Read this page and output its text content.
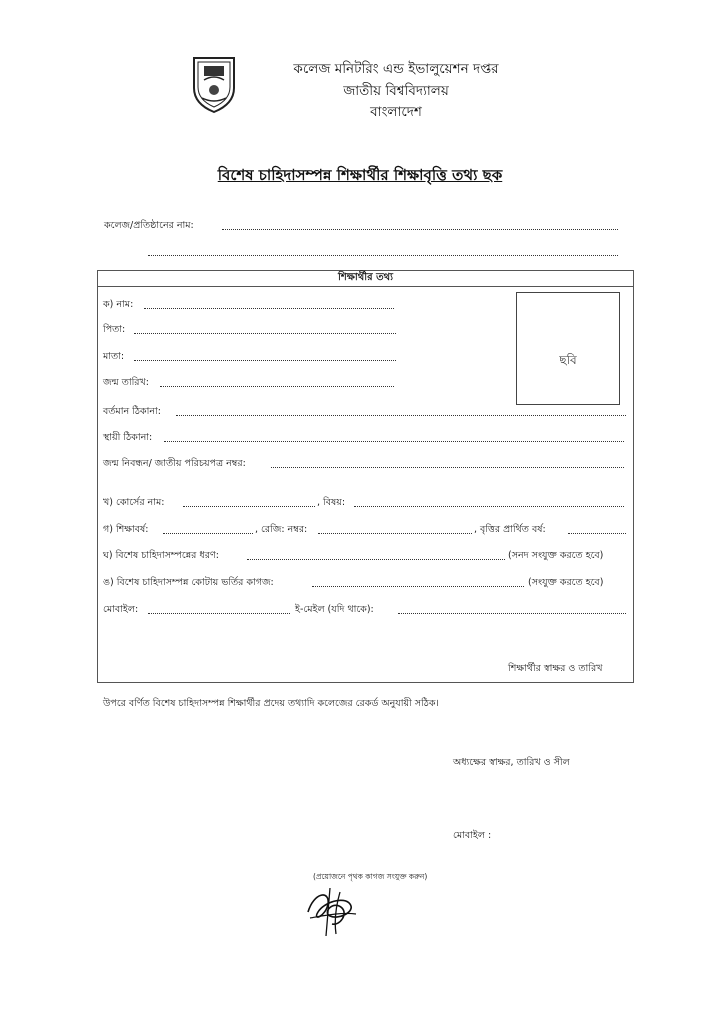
কলেজ মনিটরিং এন্ড ইভালুয়েশন দপ্তর
জাতীয় বিশ্ববিদ্যালয়
বাংলাদেশ
বিশেষ চাহিদাসম্পন্ন শিক্ষার্থীর শিক্ষাবৃত্তি তথ্য ছক
কলেজ/প্রতিষ্ঠানের নাম:
শিক্ষার্থীর তথ্য
ছবি
ক) নাম:
পিতা:
মাতা:
জন্ম তারিখ:
বর্তমান ঠিকানা:
স্থায়ী ঠিকানা:
জন্ম নিবন্ধন/ জাতীয় পরিচয়পত্র নম্বর:
খ) কোর্সের নাম:	, বিষয়:
গ) শিক্ষাবর্ষ:	, রেজি: নম্বর:	, বৃত্তির প্রার্থিত বর্ষ:
ঘ) বিশেষ চাহিদাসম্পন্নের ধরণ:	(সনদ সংযুক্ত করতে হবে)
ঙ) বিশেষ চাহিদাসম্পন্ন কোটায় ভর্তির কাগজ:	(সংযুক্ত করতে হবে)
মোবাইল:	ই-মেইল (যদি থাকে):
শিক্ষার্থীর স্বাক্ষর ও তারিখ
উপরে বর্ণিত বিশেষ চাহিদাসম্পন্ন শিক্ষার্থীর প্রদেয় তথ্যাদি কলেজের রেকর্ড অনুযায়ী সঠিক।
অধ্যক্ষের স্বাক্ষর, তারিখ ও সীল
মোবাইল :
(প্রয়োজনে পৃথক কাগজ সংযুক্ত করুন)
